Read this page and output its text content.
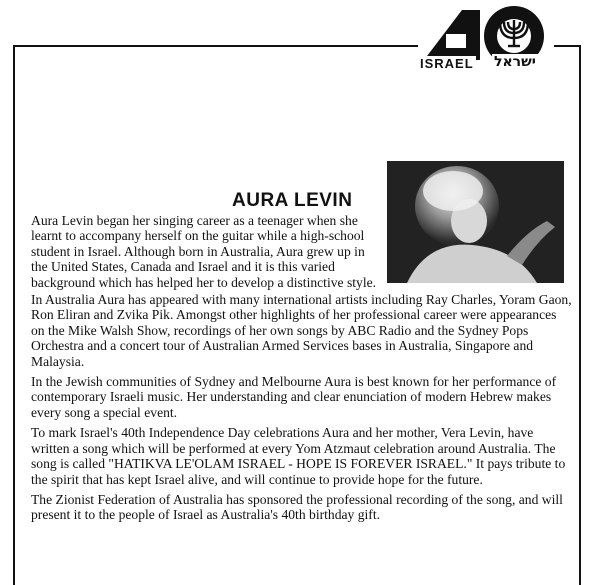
ISRAEL ישראל
AURA LEVIN

Aura Levin began her singing career as a teenager when she learnt to accompany herself on the guitar while a high-school student in Israel. Although born in Australia, Aura grew up in the United States, Canada and Israel and it is this varied background which has helped her to develop a distinctive style.

In Australia Aura has appeared with many international artists including Ray Charles, Yoram Gaon, Ron Eliran and Zvika Pik. Amongst other highlights of her professional career were appearances on the Mike Walsh Show, recordings of her own songs by ABC Radio and the Sydney Pops Orchestra and a concert tour of Australian Armed Services bases in Australia, Singapore and Malaysia.

In the Jewish communities of Sydney and Melbourne Aura is best known for her performance of contemporary Israeli music. Her understanding and clear enunciation of modern Hebrew makes every song a special event.

To mark Israel's 40th Independence Day celebrations Aura and her mother, Vera Levin, have written a song which will be performed at every Yom Atzmaut celebration around Australia. The song is called "HATIKVA LE'OLAM ISRAEL - HOPE IS FOREVER ISRAEL." It pays tribute to the spirit that has kept Israel alive, and will continue to provide hope for the future.

The Zionist Federation of Australia has sponsored the professional recording of the song, and will present it to the people of Israel as Australia's 40th birthday gift.
